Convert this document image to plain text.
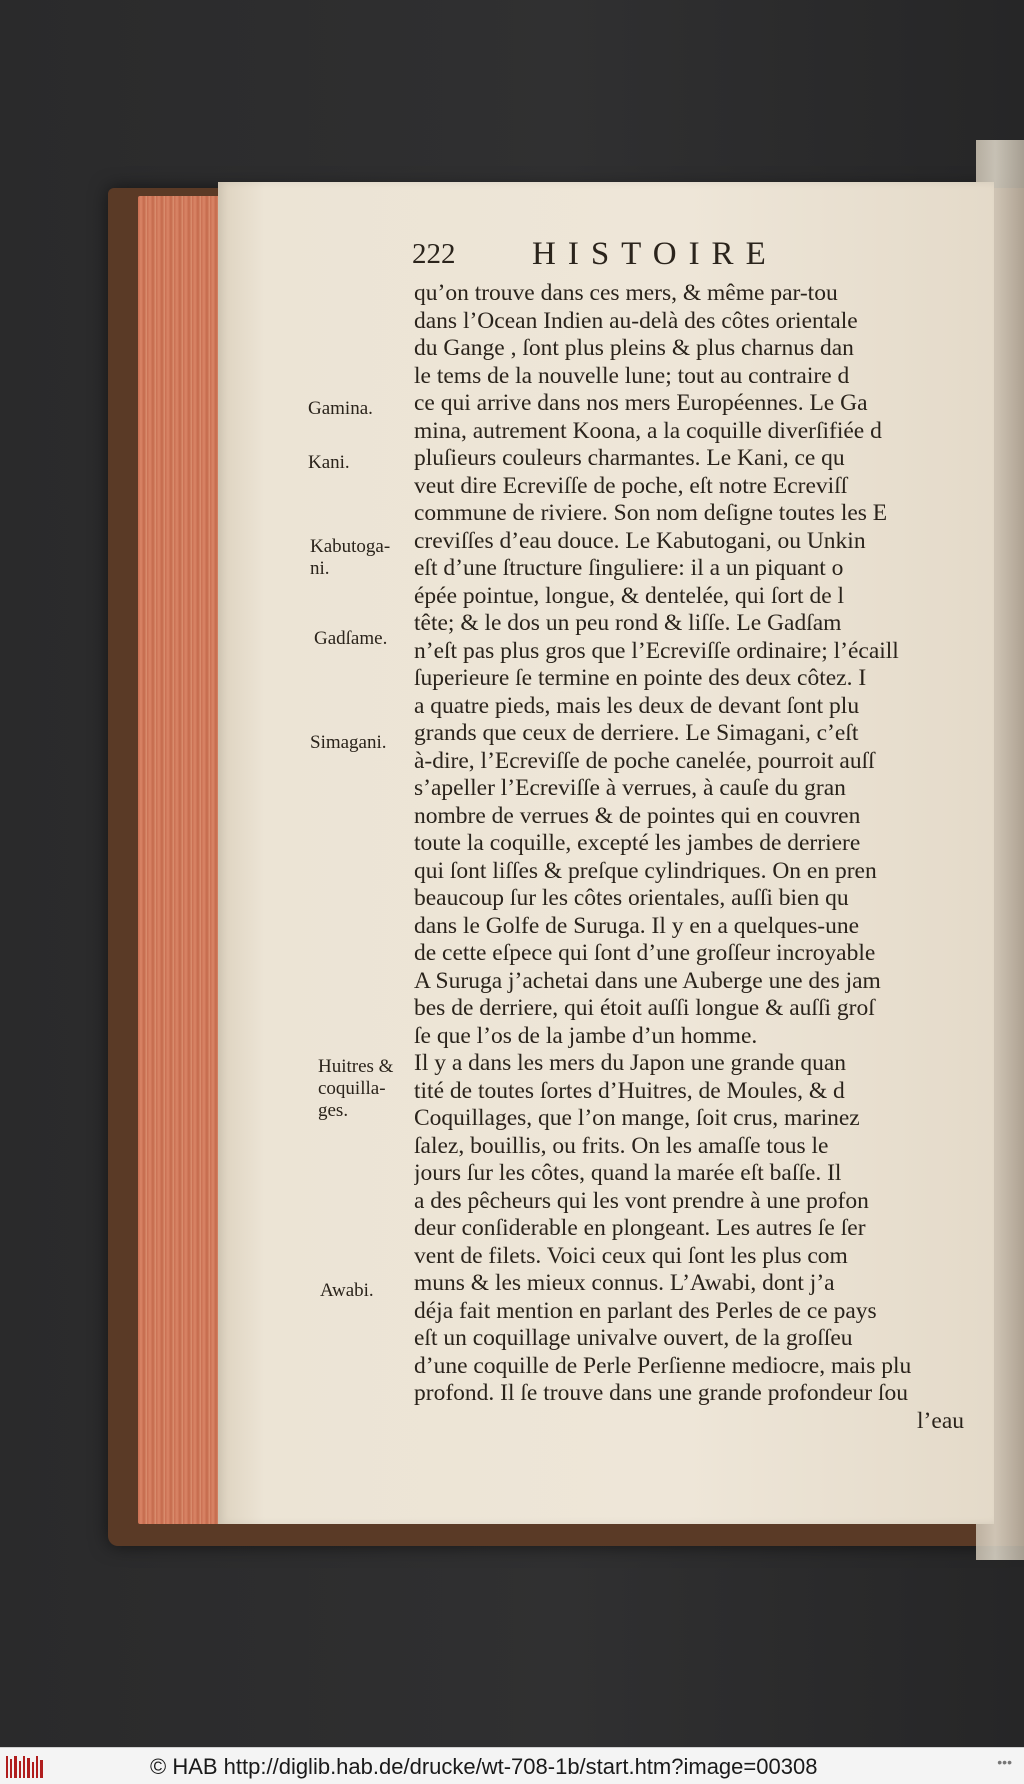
222 HISTOIRE
qu’on trouve dans ces mers, & même par-tou
dans l’Ocean Indien au-delà des côtes orientale
du Gange , ſont plus pleins & plus charnus dan
le tems de la nouvelle lune; tout au contraire d
ce qui arrive dans nos mers Européennes. Le Ga
mina, autrement Koona, a la coquille diverſifiée d
pluſieurs couleurs charmantes. Le Kani, ce qu
veut dire Ecreviſſe de poche, eſt notre Ecreviſſ
commune de riviere. Son nom deſigne toutes les E
creviſſes d’eau douce. Le Kabutogani, ou Unkin
eſt d’une ſtructure ſinguliere: il a un piquant o
épée pointue, longue, & dentelée, qui ſort de l
tête; & le dos un peu rond & liſſe. Le Gadſam
n’eſt pas plus gros que l’Ecreviſſe ordinaire; l’écaill
ſuperieure ſe termine en pointe des deux côtez. I
a quatre pieds, mais les deux de devant ſont plu
grands que ceux de derriere. Le Simagani, c’eſt
à-dire, l’Ecreviſſe de poche canelée, pourroit auſſ
s’apeller l’Ecreviſſe à verrues, à cauſe du gran
nombre de verrues & de pointes qui en couvren
toute la coquille, excepté les jambes de derriere
qui ſont liſſes & preſque cylindriques. On en pren
beaucoup ſur les côtes orientales, auſſi bien qu
dans le Golfe de Suruga. Il y en a quelques-une
de cette eſpece qui ſont d’une groſſeur incroyable
A Suruga j’achetai dans une Auberge une des jam
bes de derriere, qui étoit auſſi longue & auſſi groſ
ſe que l’os de la jambe d’un homme.
Il y a dans les mers du Japon une grande quan
tité de toutes ſortes d’Huitres, de Moules, & d
Coquillages, que l’on mange, ſoit crus, marinez
ſalez, bouillis, ou frits. On les amaſſe tous le
jours ſur les côtes, quand la marée eſt baſſe. Il
a des pêcheurs qui les vont prendre à une profon
deur conſiderable en plongeant. Les autres ſe ſer
vent de filets. Voici ceux qui ſont les plus com
muns & les mieux connus. L’Awabi, dont j’a
déja fait mention en parlant des Perles de ce pays
eſt un coquillage univalve ouvert, de la groſſeu
d’une coquille de Perle Perſienne mediocre, mais plu
profond. Il ſe trouve dans une grande profondeur ſou
l’eau
Gamina.
Kani.
Kabutoga-
ni.
Gadſame.
Simagani.
Huitres &
coquilla-
ges.
Awabi.
© HAB http://diglib.hab.de/drucke/wt-708-1b/start.htm?image=00308	•••
